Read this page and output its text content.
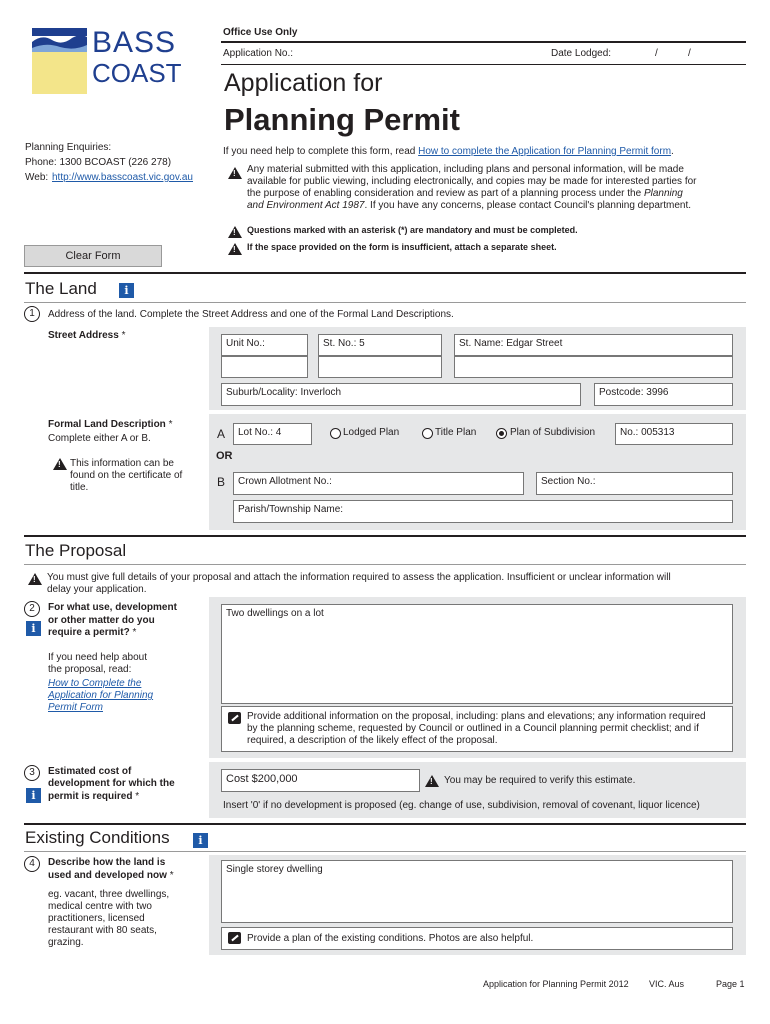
BASS
COAST
Office Use Only
Application No.:	Date Lodged:	/	/
Application for
Planning Permit
Planning Enquiries:
Phone: 1300 BCOAST (226 278)
Web: http://www.basscoast.vic.gov.au
If you need help to complete this form, read How to complete the Application for Planning Permit form.
!
Any material submitted with this application, including plans and personal information, will be made
available for public viewing, including electronically, and copies may be made for interested parties for
the purpose of enabling consideration and review as part of a planning process under the Planning
and Environment Act 1987. If you have any concerns, please contact Council's planning department.
!
Questions marked with an asterisk (*) are mandatory and must be completed.
!
If the space provided on the form is insufficient, attach a separate sheet.
Clear Form
The Land	i
1	Address of the land. Complete the Street Address and one of the Formal Land Descriptions.
Street Address *
Unit No.:	St. No.: 5	St. Name: Edgar Street
Suburb/Locality: Inverloch	Postcode: 3996
Formal Land Description *
Complete either A or B.
!
This information can be
found on the certificate of
title.
A	Lot No.: 4	Lodged Plan	Title Plan	Plan of Subdivision	No.: 005313
OR
B	Crown Allotment No.:	Section No.:
Parish/Township Name:
The Proposal
!
You must give full details of your proposal and attach the information required to assess the application. Insufficient or unclear information will
delay your application.
2
i
For what use, development
or other matter do you
require a permit? *
If you need help about
the proposal, read:
How to Complete the
Application for Planning
Permit Form
Two dwellings on a lot
Provide additional information on the proposal, including: plans and elevations; any information required
by the planning scheme, requested by Council or outlined in a Council planning permit checklist; and if
required, a description of the likely effect of the proposal.
3
i
Estimated cost of
development for which the
permit is required *
Cost $200,000
!	You may be required to verify this estimate.
Insert '0' if no development is proposed (eg. change of use, subdivision, removal of covenant, liquor licence)
Existing Conditions	i
4	Describe how the land is
used and developed now *
eg. vacant, three dwellings,
medical centre with two
practitioners, licensed
restaurant with 80 seats,
grazing.
Single storey dwelling
Provide a plan of the existing conditions. Photos are also helpful.
Application for Planning Permit 2012 VIC. Aus	Page 1
